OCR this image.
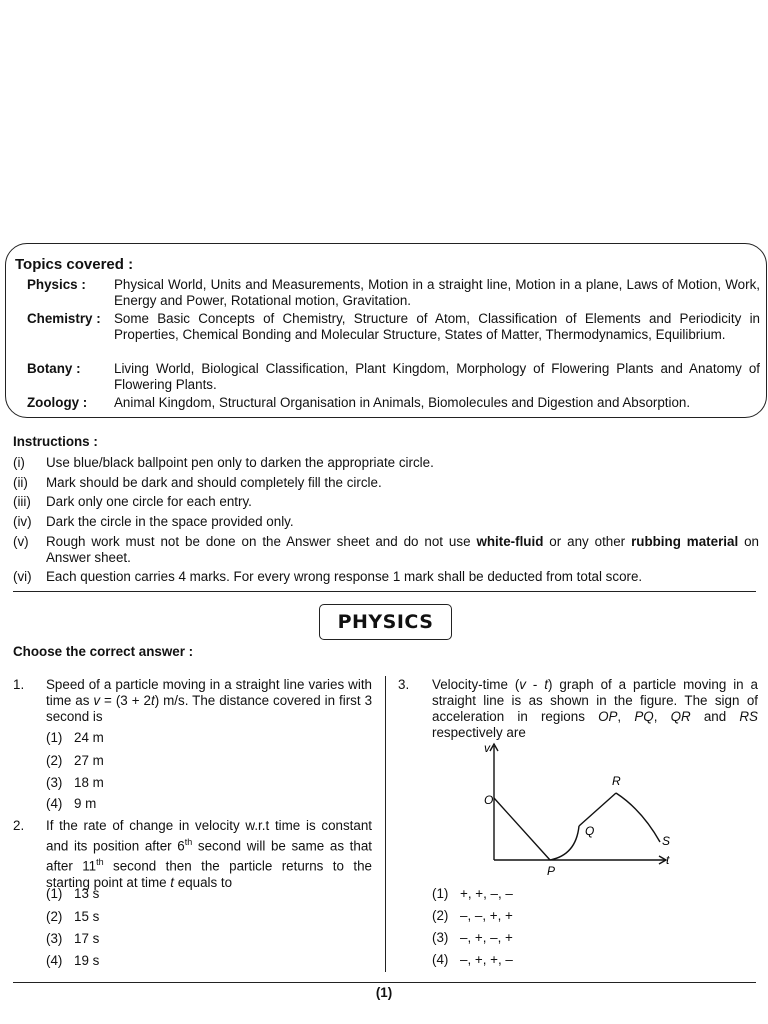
Topics covered :
Physics : Physical World, Units and Measurements, Motion in a straight line, Motion in a plane, Laws of Motion, Work, Energy and Power, Rotational motion, Gravitation.
Chemistry : Some Basic Concepts of Chemistry, Structure of Atom, Classification of Elements and Periodicity in Properties, Chemical Bonding and Molecular Structure, States of Matter, Thermodynamics, Equilibrium.
Botany : Living World, Biological Classification, Plant Kingdom, Morphology of Flowering Plants and Anatomy of Flowering Plants.
Zoology : Animal Kingdom, Structural Organisation in Animals, Biomolecules and Digestion and Absorption.
Instructions :
(i) Use blue/black ballpoint pen only to darken the appropriate circle.
(ii) Mark should be dark and should completely fill the circle.
(iii) Dark only one circle for each entry.
(iv) Dark the circle in the space provided only.
(v) Rough work must not be done on the Answer sheet and do not use white-fluid or any other rubbing material on Answer sheet.
(vi) Each question carries 4 marks. For every wrong response 1 mark shall be deducted from total score.
PHYSICS
Choose the correct answer :
1. Speed of a particle moving in a straight line varies with time as v = (3 + 2t) m/s. The distance covered in first 3 second is
(1) 24 m
(2) 27 m
(3) 18 m
(4) 9 m
2. If the rate of change in velocity w.r.t time is constant and its position after 6th second will be same as that after 11th second then the particle returns to the starting point at time t equals to
(1) 13 s
(2) 15 s
(3) 17 s
(4) 19 s
3. Velocity-time (v - t) graph of a particle moving in a straight line is as shown in the figure. The sign of acceleration in regions OP, PQ, QR and RS respectively are
v
t
O
P
Q
R
S
(1) +, +, –, –
(2) –, –, +, +
(3) –, +, –, +
(4) –, +, +, –
(1)
